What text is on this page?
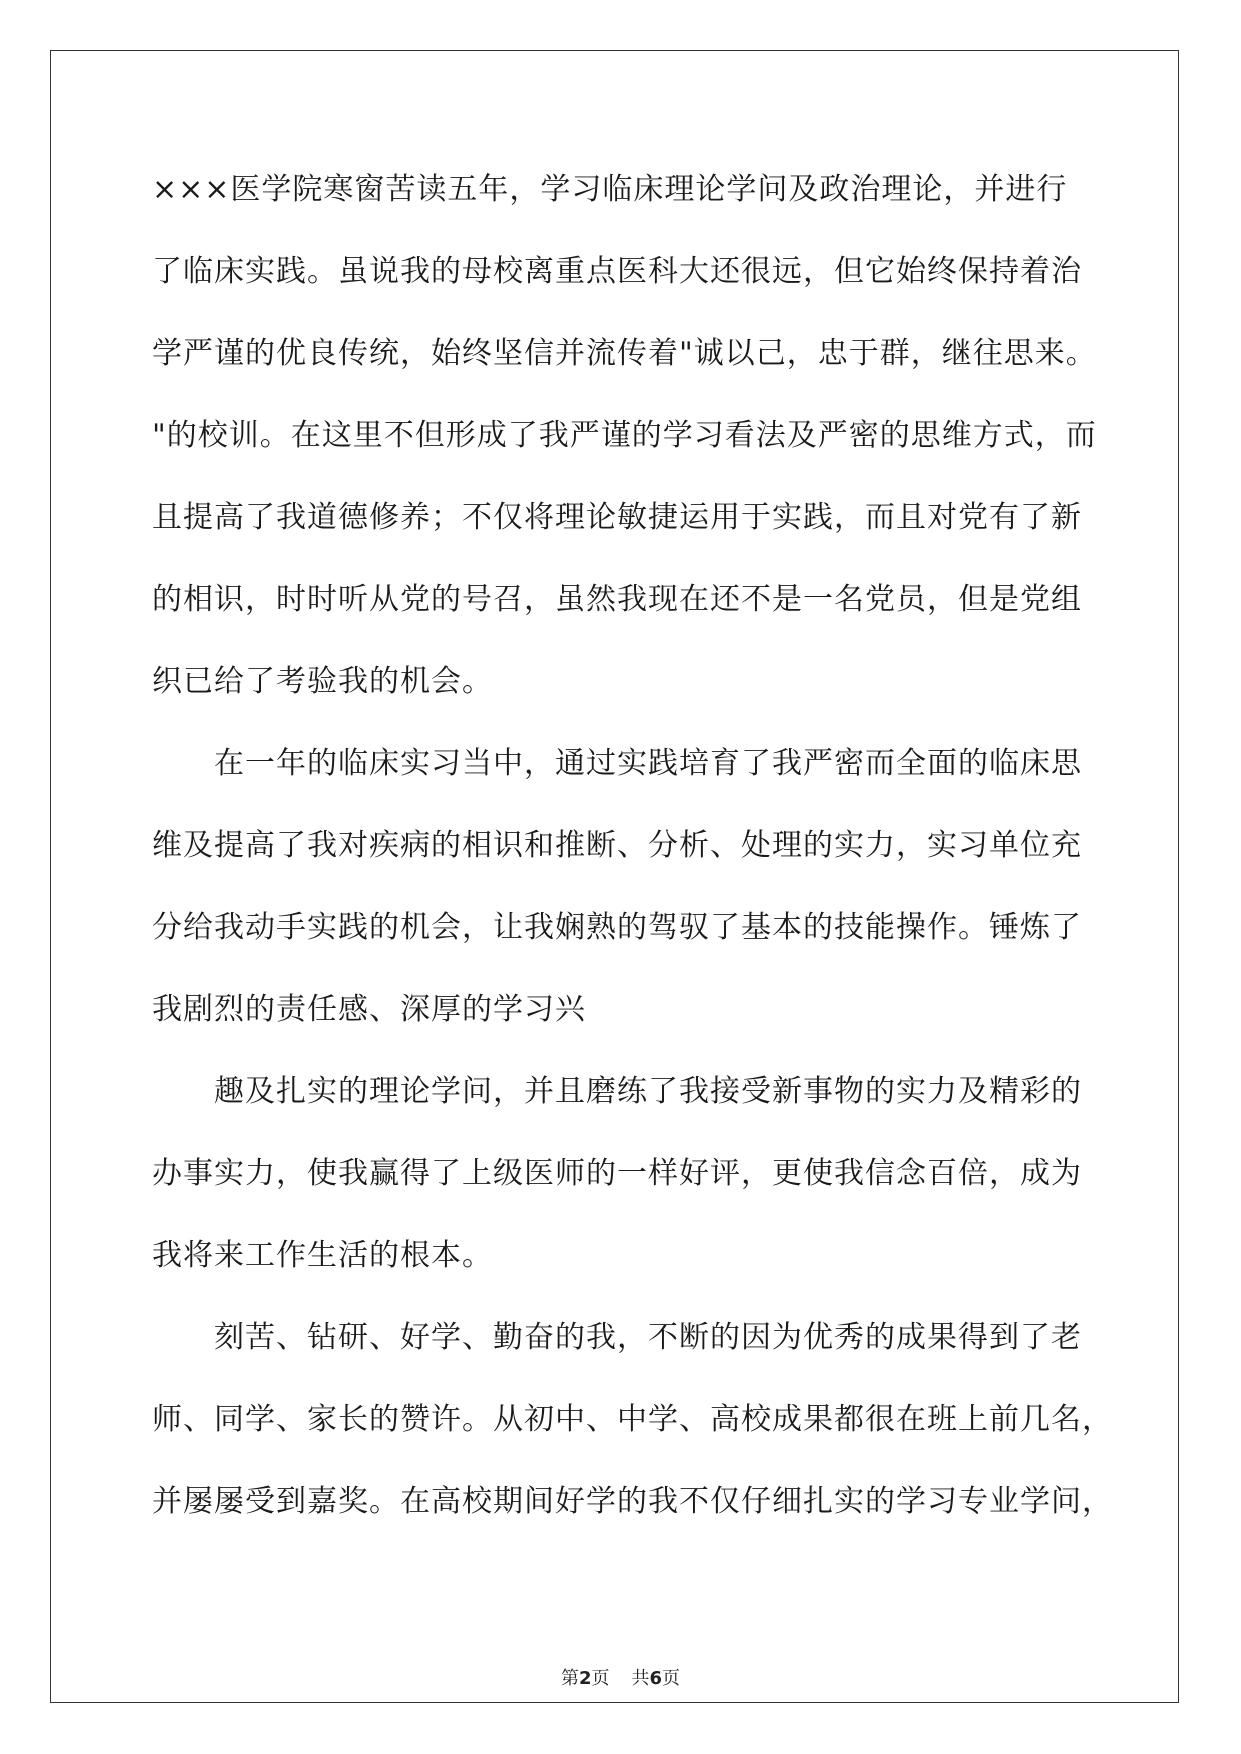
×××医学院寒窗苦读五年，学习临床理论学问及政治理论，并进行
了临床实践。虽说我的母校离重点医科大还很远，但它始终保持着治
学严谨的优良传统，始终坚信并流传着"诚以己，忠于群，继往思来。
"的校训。在这里不但形成了我严谨的学习看法及严密的思维方式，而
且提高了我道德修养；不仅将理论敏捷运用于实践，而且对党有了新
的相识，时时听从党的号召，虽然我现在还不是一名党员，但是党组
织已给了考验我的机会。
在一年的临床实习当中，通过实践培育了我严密而全面的临床思
维及提高了我对疾病的相识和推断、分析、处理的实力，实习单位充
分给我动手实践的机会，让我娴熟的驾驭了基本的技能操作。锤炼了
我剧烈的责任感、深厚的学习兴
趣及扎实的理论学问，并且磨练了我接受新事物的实力及精彩的
办事实力，使我赢得了上级医师的一样好评，更使我信念百倍，成为
我将来工作生活的根本。
刻苦、钻研、好学、勤奋的我，不断的因为优秀的成果得到了老
师、同学、家长的赞许。从初中、中学、高校成果都很在班上前几名，
并屡屡受到嘉奖。在高校期间好学的我不仅仔细扎实的学习专业学问，
第2页 共6页
